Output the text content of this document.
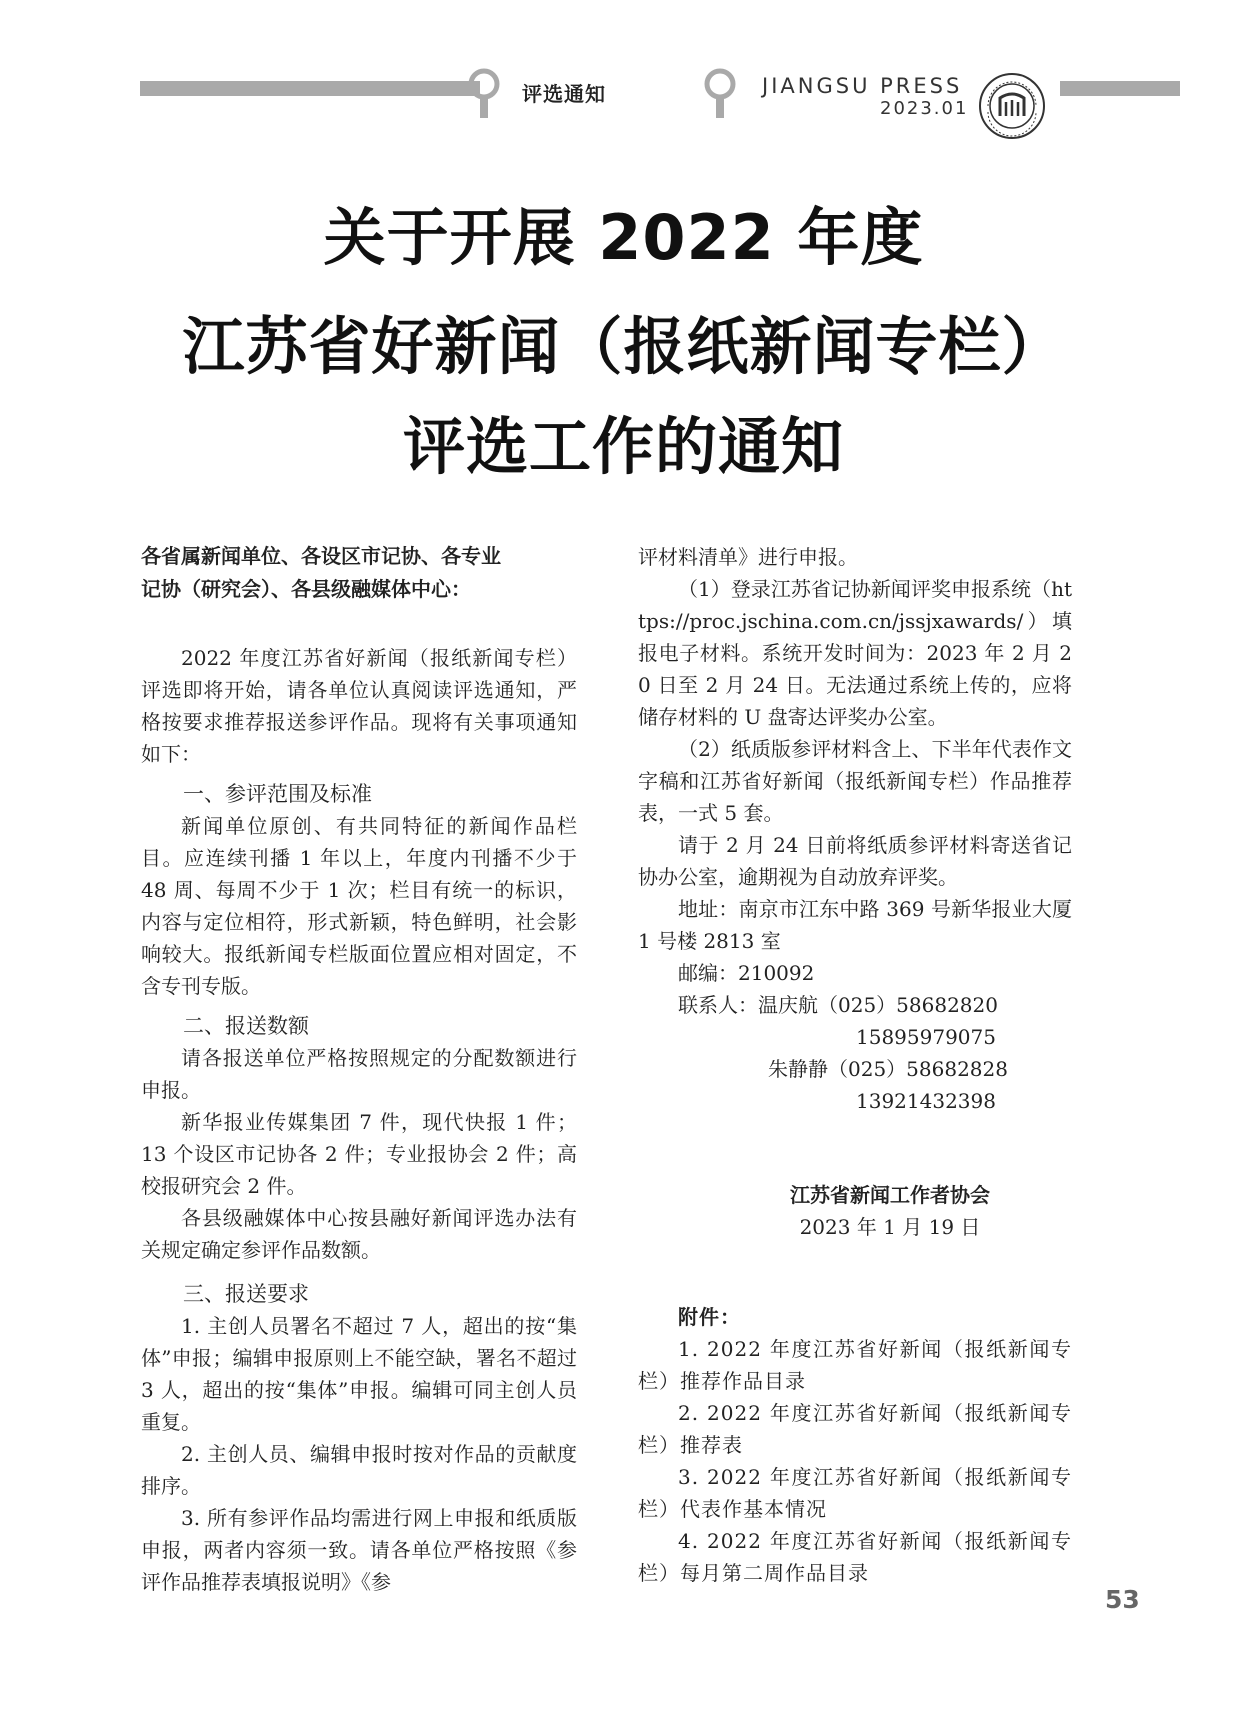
评选通知	JIANGSU PRESS
2023.01
关于开展 2022 年度
江苏省好新闻（报纸新闻专栏）
评选工作的通知

各省属新闻单位、各设区市记协、各专业

记协（研究会）、各县级融媒体中心：

2022 年度江苏省好新闻（报纸新闻专栏）评选即将开始，请各单位认真阅读评选通知，严格按要求推荐报送参评作品。现将有关事项通知如下：

一、参评范围及标准

新闻单位原创、有共同特征的新闻作品栏目。应连续刊播 1 年以上，年度内刊播不少于 48 周、每周不少于 1 次；栏目有统一的标识，内容与定位相符，形式新颖，特色鲜明，社会影响较大。报纸新闻专栏版面位置应相对固定，不含专刊专版。

二、报送数额

请各报送单位严格按照规定的分配数额进行申报。

新华报业传媒集团 7 件，现代快报 1 件；13 个设区市记协各 2 件；专业报协会 2 件；高校报研究会 2 件。

各县级融媒体中心按县融好新闻评选办法有关规定确定参评作品数额。

三、报送要求

1. 主创人员署名不超过 7 人，超出的按“集体”申报；编辑申报原则上不能空缺，署名不超过 3 人，超出的按“集体”申报。编辑可同主创人员重复。

2. 主创人员、编辑申报时按对作品的贡献度排序。

3. 所有参评作品均需进行网上申报和纸质版申报，两者内容须一致。请各单位严格按照《参评作品推荐表填报说明》《参

评材料清单》进行申报。

（1）登录江苏省记协新闻评奖申报系统（https://proc.jschina.com.cn/jssjxawards/）填报电子材料。系统开发时间为：2023 年 2 月 20 日至 2 月 24 日。无法通过系统上传的，应将储存材料的 U 盘寄达评奖办公室。

（2）纸质版参评材料含上、下半年代表作文字稿和江苏省好新闻（报纸新闻专栏）作品推荐表，一式 5 套。

请于 2 月 24 日前将纸质参评材料寄送省记协办公室，逾期视为自动放弃评奖。

地址：南京市江东中路 369 号新华报业大厦 1 号楼 2813 室

邮编：210092

联系人：温庆航（025）58682820

15895979075

朱静静（025）58682828

13921432398

江苏省新闻工作者协会

2023 年 1 月 19 日

附件：

1. 2022 年度江苏省好新闻（报纸新闻专栏）推荐作品目录

2. 2022 年度江苏省好新闻（报纸新闻专栏）推荐表

3. 2022 年度江苏省好新闻（报纸新闻专栏）代表作基本情况

4. 2022 年度江苏省好新闻（报纸新闻专栏）每月第二周作品目录

53
